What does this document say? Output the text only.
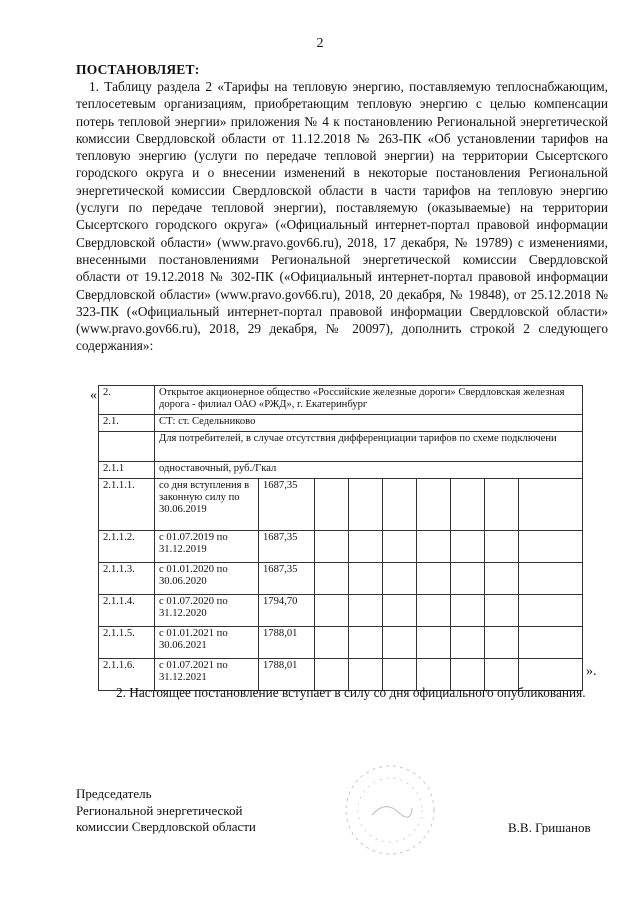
2
ПОСТАНОВЛЯЕТ:
1. Таблицу раздела 2 «Тарифы на тепловую энергию, поставляемую теплоснабжающим, теплосетевым организациям, приобретающим тепловую энергию с целью компенсации потерь тепловой энергии» приложения № 4 к постановлению Региональной энергетической комиссии Свердловской области от 11.12.2018 № 263-ПК «Об установлении тарифов на тепловую энергию (услуги по передаче тепловой энергии) на территории Сысертского городского округа и о внесении изменений в некоторые постановления Региональной энергетической комиссии Свердловской области в части тарифов на тепловую энергию (услуги по передаче тепловой энергии), поставляемую (оказываемые) на территории Сысертского городского округа» («Официальный интернет-портал правовой информации Свердловской области» (www.pravo.gov66.ru), 2018, 17 декабря, № 19789) с изменениями, внесенными постановлениями Региональной энергетической комиссии Свердловской области от 19.12.2018 № 302-ПК («Официальный интернет-портал правовой информации Свердловской области» (www.pravo.gov66.ru), 2018, 20 декабря, № 19848), от 25.12.2018 № 323-ПК («Официальный интернет-портал правовой информации Свердловской области» (www.pravo.gov66.ru), 2018, 29 декабря, № 20097), дополнить строкой 2 следующего содержания»:
« 2.	Открытое акционерное общество «Российские железные дороги» Свердловская железная дорога - филиал ОАО «РЖД», г. Екатеринбург								
2.1.	СТ: ст. Седельниково								
	Для потребителей, в случае отсутствия дифференциации тарифов по схеме подключени								
2.1.1	одноставочный, руб./Гкал								
2.1.1.1.	со дня вступления в законную силу по 30.06.2019	1687,35							
2.1.1.2.	с 01.07.2019 по 31.12.2019	1687,35							
2.1.1.3.	с 01.01.2020 по 30.06.2020	1687,35							
2.1.1.4.	с 01.07.2020 по 31.12.2020	1794,70							
2.1.1.5.	с 01.01.2021 по 30.06.2021	1788,01							
2.1.1.6.	с 01.07.2021 по 31.12.2021	1788,01								».
2. Настоящее постановление вступает в силу со дня официального опубликования.
Председатель
Региональной энергетической
комиссии Свердловской области	В.В. Гришанов
